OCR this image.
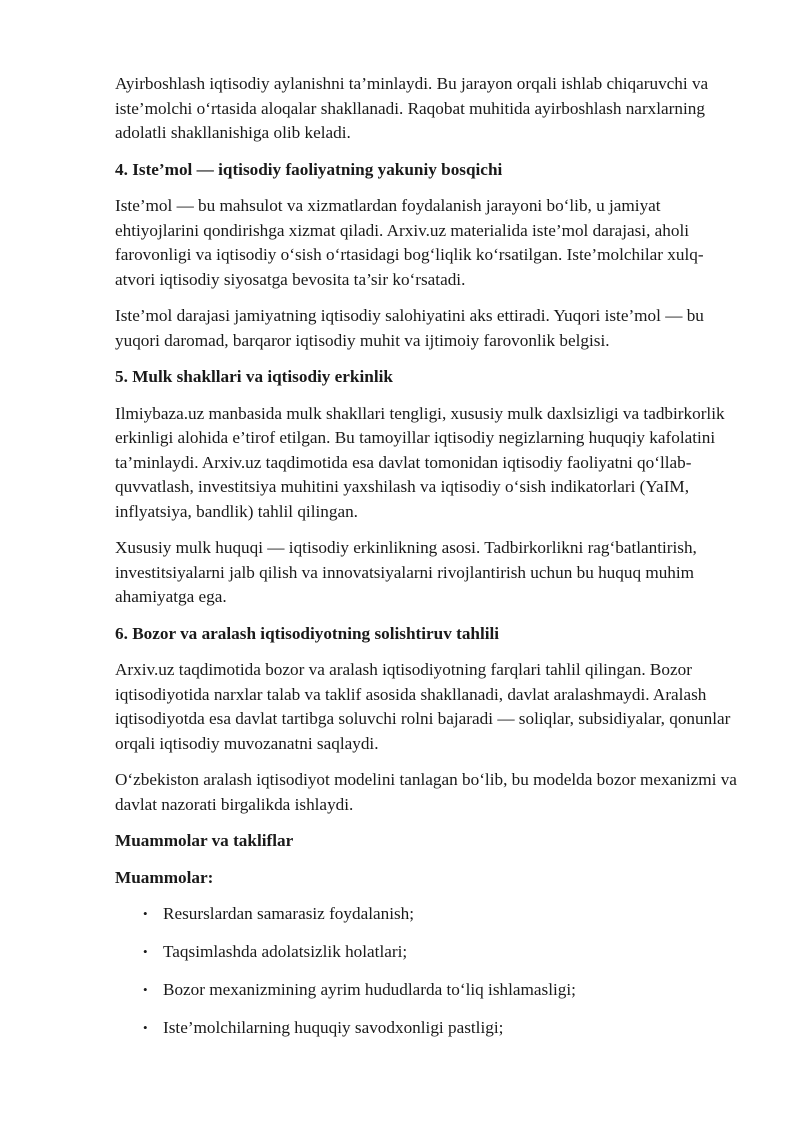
Ayirboshlash iqtisodiy aylanishni ta’minlaydi. Bu jarayon orqali ishlab chiqaruvchi va iste’molchi o‘rtasida aloqalar shakllanadi. Raqobat muhitida ayirboshlash narxlarning adolatli shakllanishiga olib keladi.

4. Iste’mol — iqtisodiy faoliyatning yakuniy bosqichi

Iste’mol — bu mahsulot va xizmatlardan foydalanish jarayoni bo‘lib, u jamiyat ehtiyojlarini qondirishga xizmat qiladi. Arxiv.uz materialida iste’mol darajasi, aholi farovonligi va iqtisodiy o‘sish o‘rtasidagi bog‘liqlik ko‘rsatilgan. Iste’molchilar xulq-atvori iqtisodiy siyosatga bevosita ta’sir ko‘rsatadi.

Iste’mol darajasi jamiyatning iqtisodiy salohiyatini aks ettiradi. Yuqori iste’mol — bu yuqori daromad, barqaror iqtisodiy muhit va ijtimoiy farovonlik belgisi.

5. Mulk shakllari va iqtisodiy erkinlik

Ilmiybaza.uz manbasida mulk shakllari tengligi, xususiy mulk daxlsizligi va tadbirkorlik erkinligi alohida e’tirof etilgan. Bu tamoyillar iqtisodiy negizlarning huquqiy kafolatini ta’minlaydi. Arxiv.uz taqdimotida esa davlat tomonidan iqtisodiy faoliyatni qo‘llab-quvvatlash, investitsiya muhitini yaxshilash va iqtisodiy o‘sish indikatorlari (YaIM, inflyatsiya, bandlik) tahlil qilingan.

Xususiy mulk huquqi — iqtisodiy erkinlikning asosi. Tadbirkorlikni rag‘batlantirish, investitsiyalarni jalb qilish va innovatsiyalarni rivojlantirish uchun bu huquq muhim ahamiyatga ega.

6. Bozor va aralash iqtisodiyotning solishtiruv tahlili

Arxiv.uz taqdimotida bozor va aralash iqtisodiyotning farqlari tahlil qilingan. Bozor iqtisodiyotida narxlar talab va taklif asosida shakllanadi, davlat aralashmaydi. Aralash iqtisodiyotda esa davlat tartibga soluvchi rolni bajaradi — soliqlar, subsidiyalar, qonunlar orqali iqtisodiy muvozanatni saqlaydi.

O‘zbekiston aralash iqtisodiyot modelini tanlagan bo‘lib, bu modelda bozor mexanizmi va davlat nazorati birgalikda ishlaydi.

Muammolar va takliflar
Muammolar:
• Resurslardan samarasiz foydalanish;
• Taqsimlashda adolatsizlik holatlari;
• Bozor mexanizmining ayrim hududlarda to‘liq ishlamasligi;
• Iste’molchilarning huquqiy savodxonligi pastligi;
